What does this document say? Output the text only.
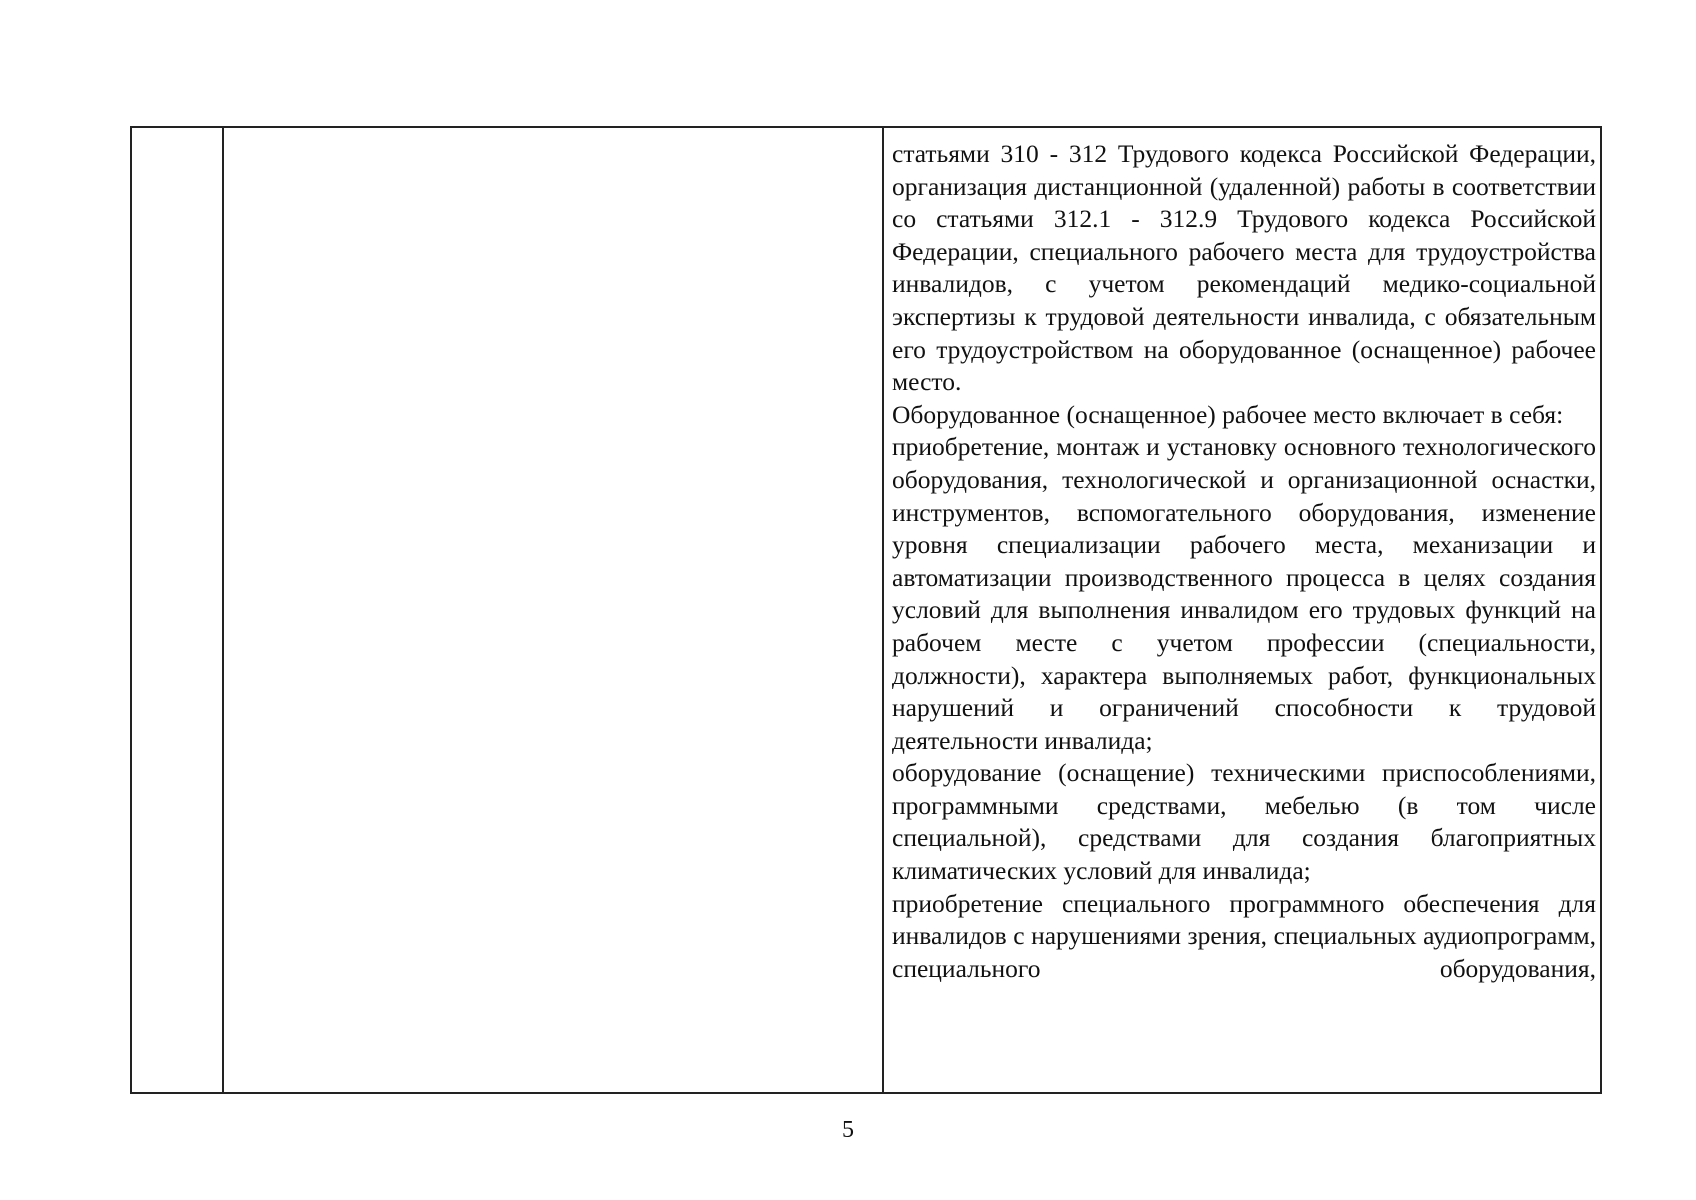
статьями 310 - 312 Трудового кодекса Российской Федерации, организация дистанционной (удаленной) работы в соответствии со статьями 312.1 - 312.9 Трудового кодекса Российской Федерации, специального рабочего места для трудоустройства инвалидов, с учетом рекомендаций медико-социальной экспертизы к трудовой деятельности инвалида, с обязательным его трудоустройством на оборудованное (оснащенное) рабочее место.

Оборудованное (оснащенное) рабочее место включает в себя:

приобретение, монтаж и установку основного технологического оборудования, технологической и организационной оснастки, инструментов, вспомогательного оборудования, изменение уровня специализации рабочего места, механизации и автоматизации производственного процесса в целях создания условий для выполнения инвалидом его трудовых функций на рабочем месте с учетом профессии (специальности, должности), характера выполняемых работ, функциональных нарушений и ограничений способности к трудовой деятельности инвалида;

оборудование (оснащение) техническими приспособлениями, программными средствами, мебелью (в том числе специальной), средствами для создания благоприятных климатических условий для инвалида;

приобретение специального программного обеспечения для инвалидов с нарушениями зрения, специальных аудиопрограмм, специального оборудования,

5
